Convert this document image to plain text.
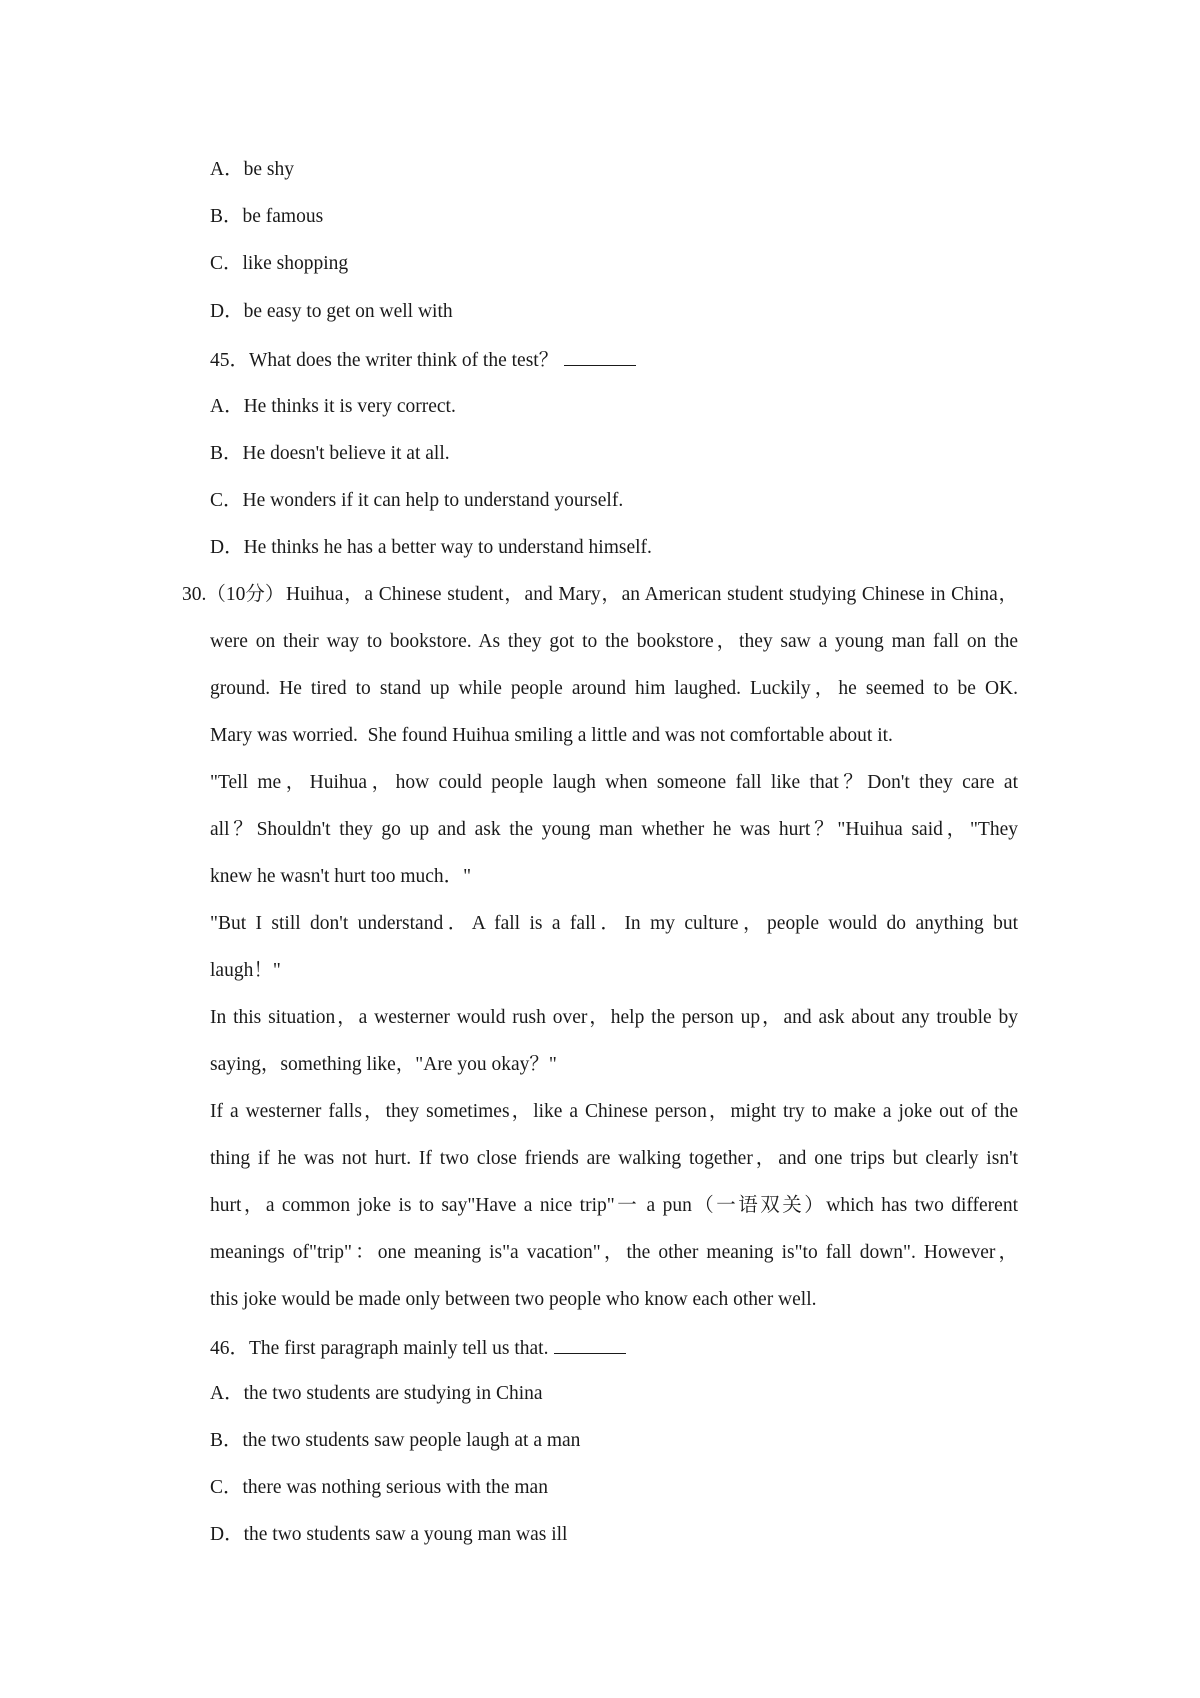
A．be shy
B．be famous
C．like shopping
D．be easy to get on well with
45．What does the writer think of the test？
A．He thinks it is very correct.
B．He doesn't believe it at all.
C．He wonders if it can help to understand yourself.
D．He thinks he has a better way to understand himself.
30.（10分） Huihua，a Chinese student，and Mary，an American student studying Chinese in China，
were on their way to bookstore. As they got to the bookstore，they saw a young man fall on the
ground. He tired to stand up while people around him laughed. Luckily，he seemed to be OK.
Mary was worried.  She found Huihua smiling a little and was not comfortable about it.
"Tell me，Huihua，how could people laugh when someone fall like that？Don't they care at
all？Shouldn't they go up and ask the young man whether he was hurt？"Huihua said，"They
knew he wasn't hurt too much．"
"But I still don't understand．A fall is a fall．In my culture，people would do anything but
laugh！"
In this situation，a westerner would rush over，help the person up，and ask about any trouble by
saying，something like，"Are you okay？"
If a westerner falls，they sometimes，like a Chinese person，might try to make a joke out of the
thing if he was not hurt. If two close friends are walking together，and one trips but clearly isn't
hurt，a common joke is to say"Have a nice trip"一 a pun（一语双关）which has two different
meanings of"trip"：one meaning is"a vacation"，the other meaning is"to fall down". However，
this joke would be made only between two people who know each other well.
46．The first paragraph mainly tell us that.
A．the two students are studying in China
B．the two students saw people laugh at a man
C．there was nothing serious with the man
D．the two students saw a young man was ill
